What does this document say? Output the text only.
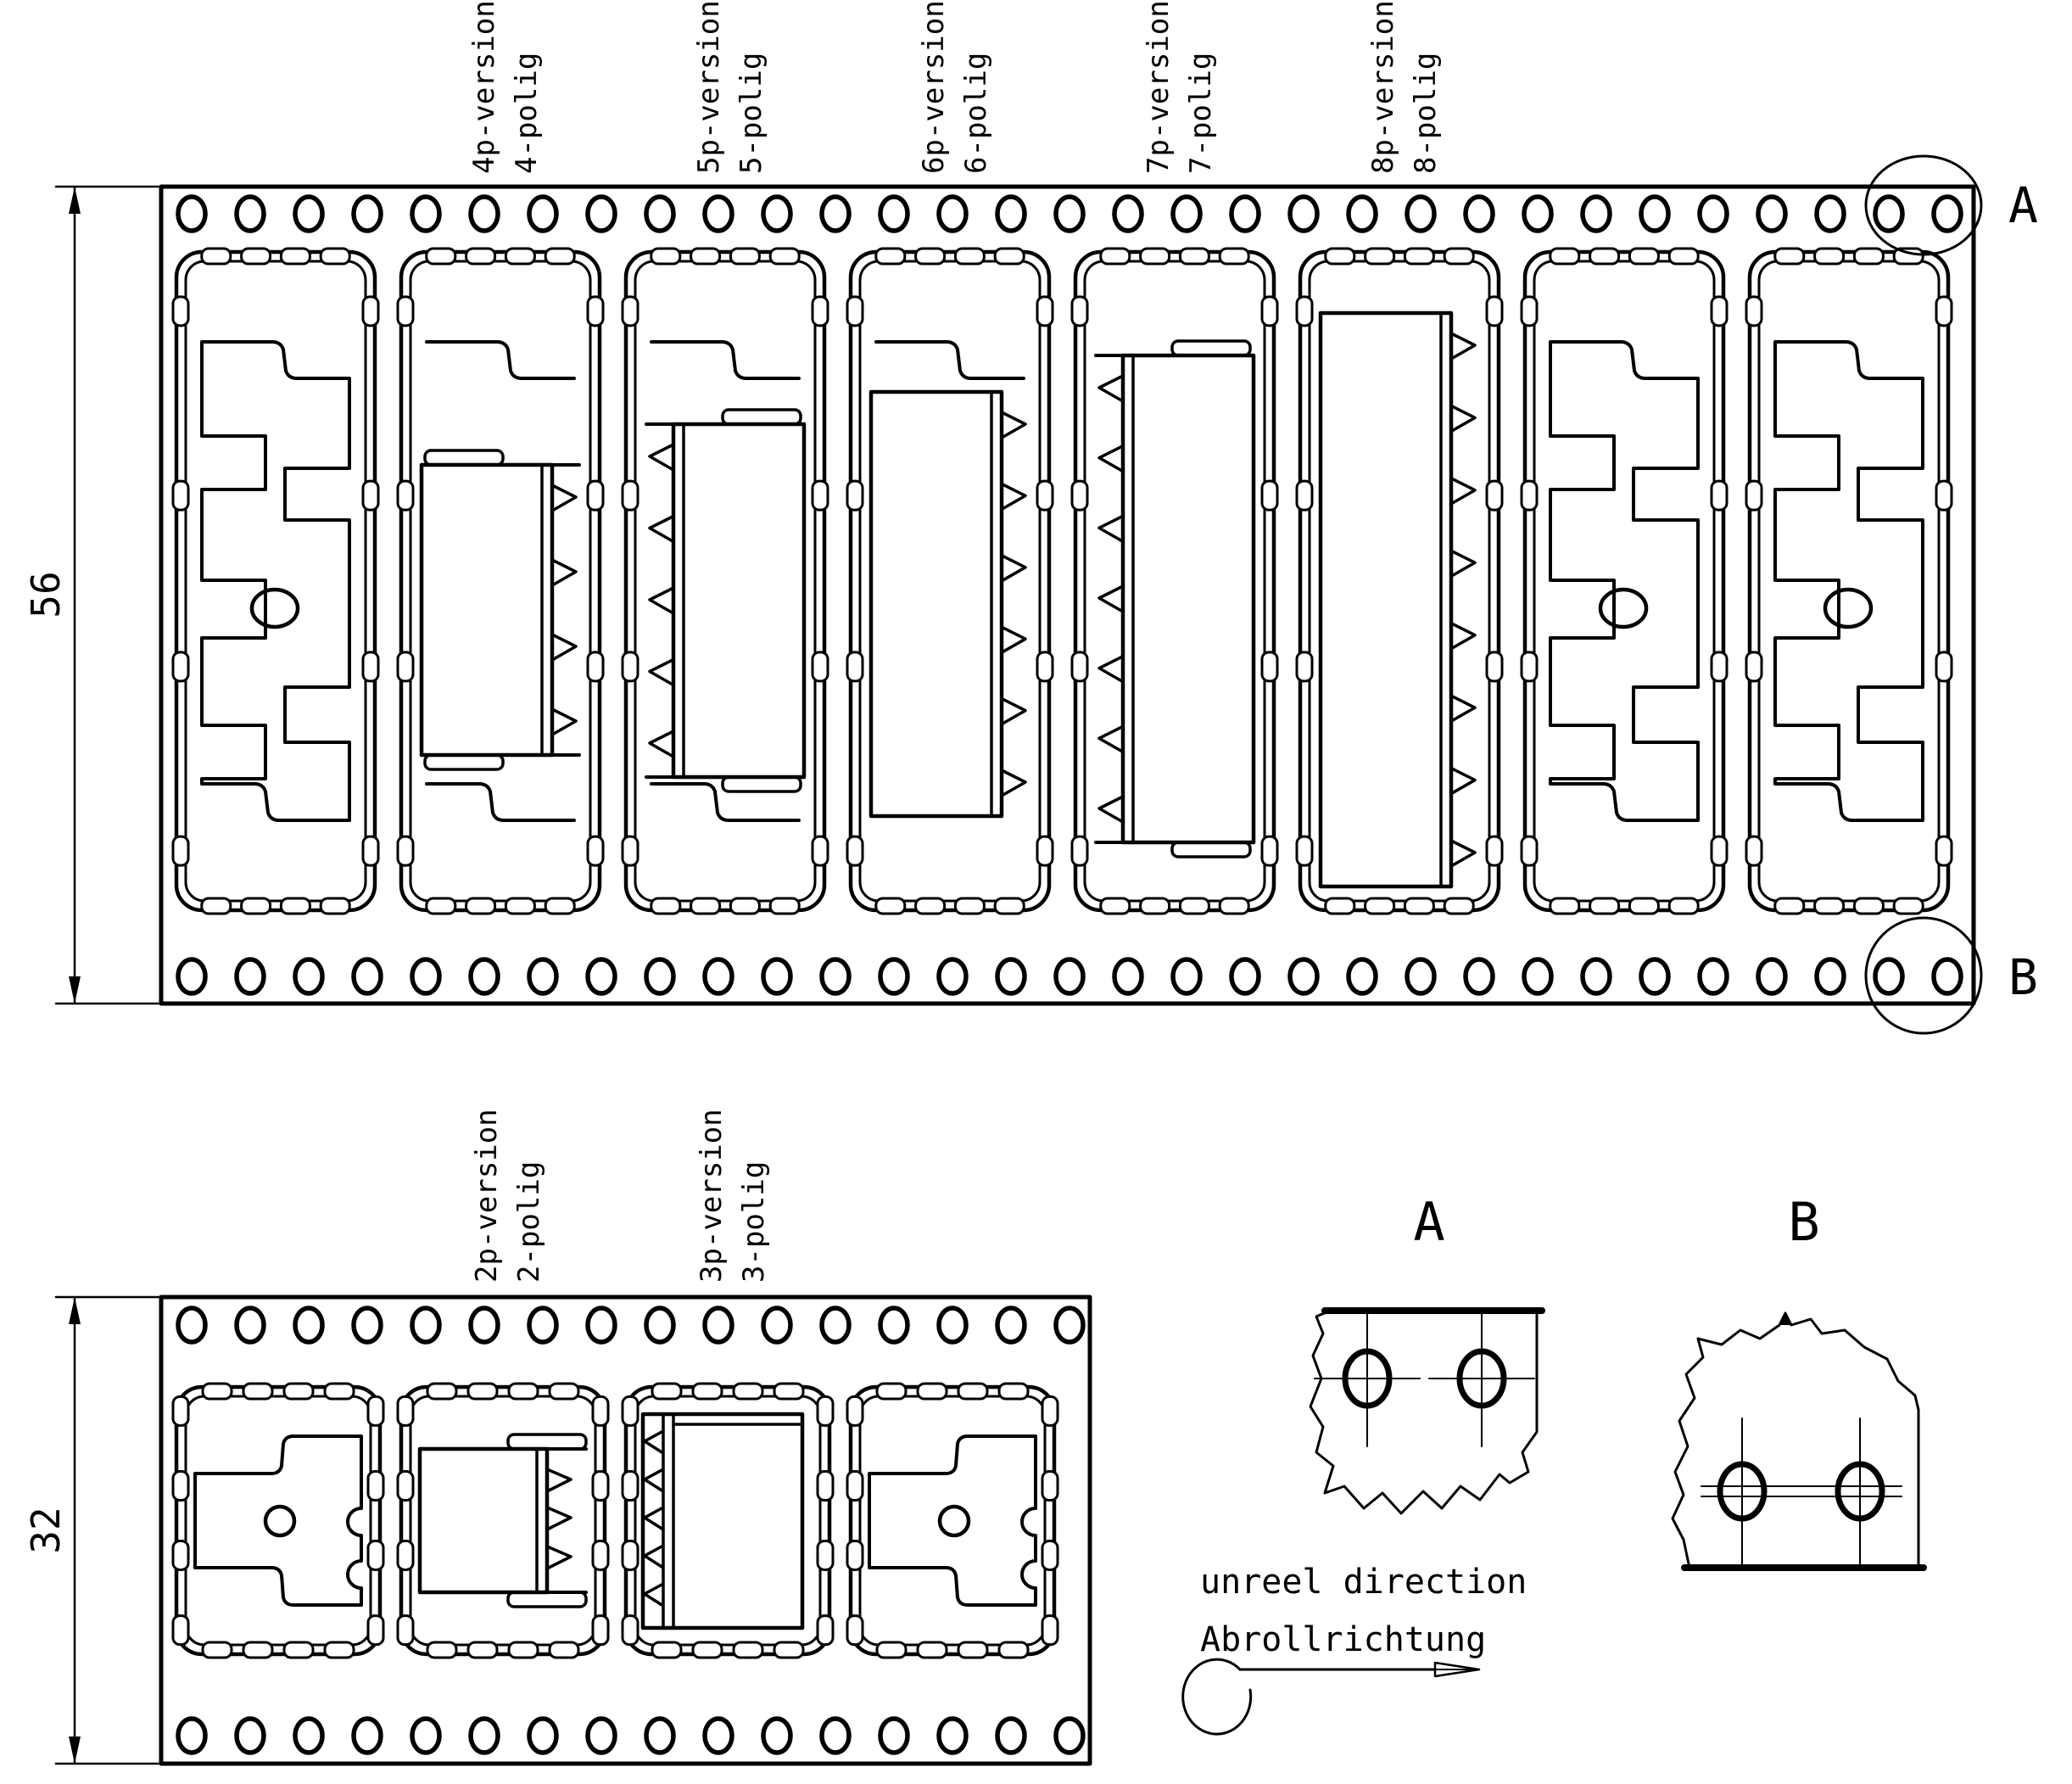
4p-version 4-polig	5p-version 5-polig	6p-version 6-polig	7p-version 7-polig	8p-version 8-polig
2p-version 2-polig	3p-version 3-polig
56
32
A
B
A	B
unreel direction
Abrollrichtung
